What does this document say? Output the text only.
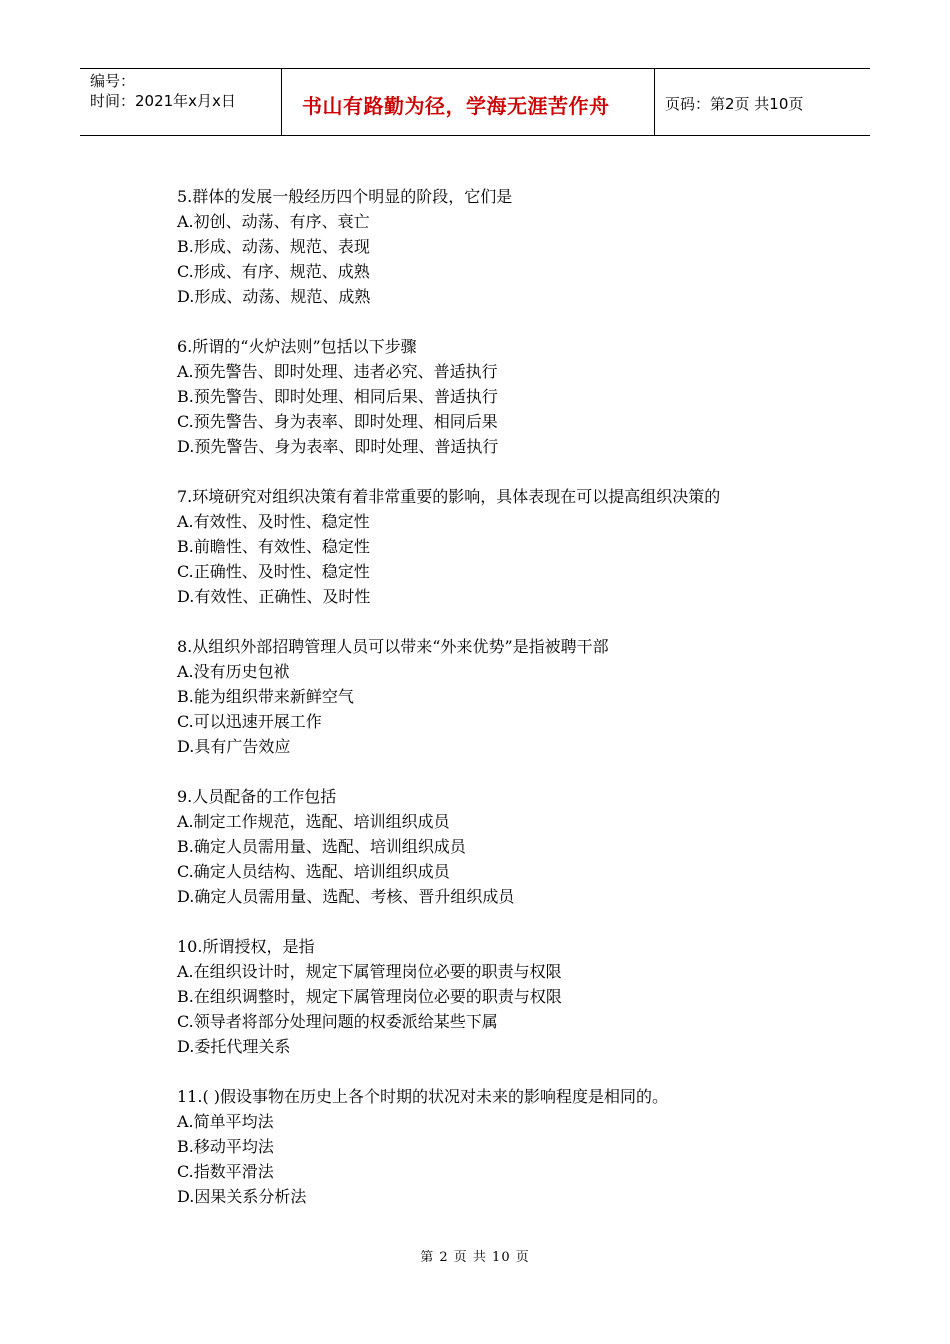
编号：
时间：2021年x月x日	书山有路勤为径，学海无涯苦作舟	页码：第2页 共10页
5.群体的发展一般经历四个明显的阶段，它们是
A.初创、动荡、有序、衰亡
B.形成、动荡、规范、表现
C.形成、有序、规范、成熟
D.形成、动荡、规范、成熟
6.所谓的“火炉法则”包括以下步骤
A.预先警告、即时处理、违者必究、普适执行
B.预先警告、即时处理、相同后果、普适执行
C.预先警告、身为表率、即时处理、相同后果
D.预先警告、身为表率、即时处理、普适执行
7.环境研究对组织决策有着非常重要的影响，具体表现在可以提高组织决策的
A.有效性、及时性、稳定性
B.前瞻性、有效性、稳定性
C.正确性、及时性、稳定性
D.有效性、正确性、及时性
8.从组织外部招聘管理人员可以带来“外来优势”是指被聘干部
A.没有历史包袱
B.能为组织带来新鲜空气
C.可以迅速开展工作
D.具有广告效应
9.人员配备的工作包括
A.制定工作规范，选配、培训组织成员
B.确定人员需用量、选配、培训组织成员
C.确定人员结构、选配、培训组织成员
D.确定人员需用量、选配、考核、晋升组织成员
10.所谓授权，是指
A.在组织设计时，规定下属管理岗位必要的职责与权限
B.在组织调整时，规定下属管理岗位必要的职责与权限
C.领导者将部分处理问题的权委派给某些下属
D.委托代理关系
11.( )假设事物在历史上各个时期的状况对未来的影响程度是相同的。
A.简单平均法
B.移动平均法
C.指数平滑法
D.因果关系分析法
第 2 页 共 10 页
